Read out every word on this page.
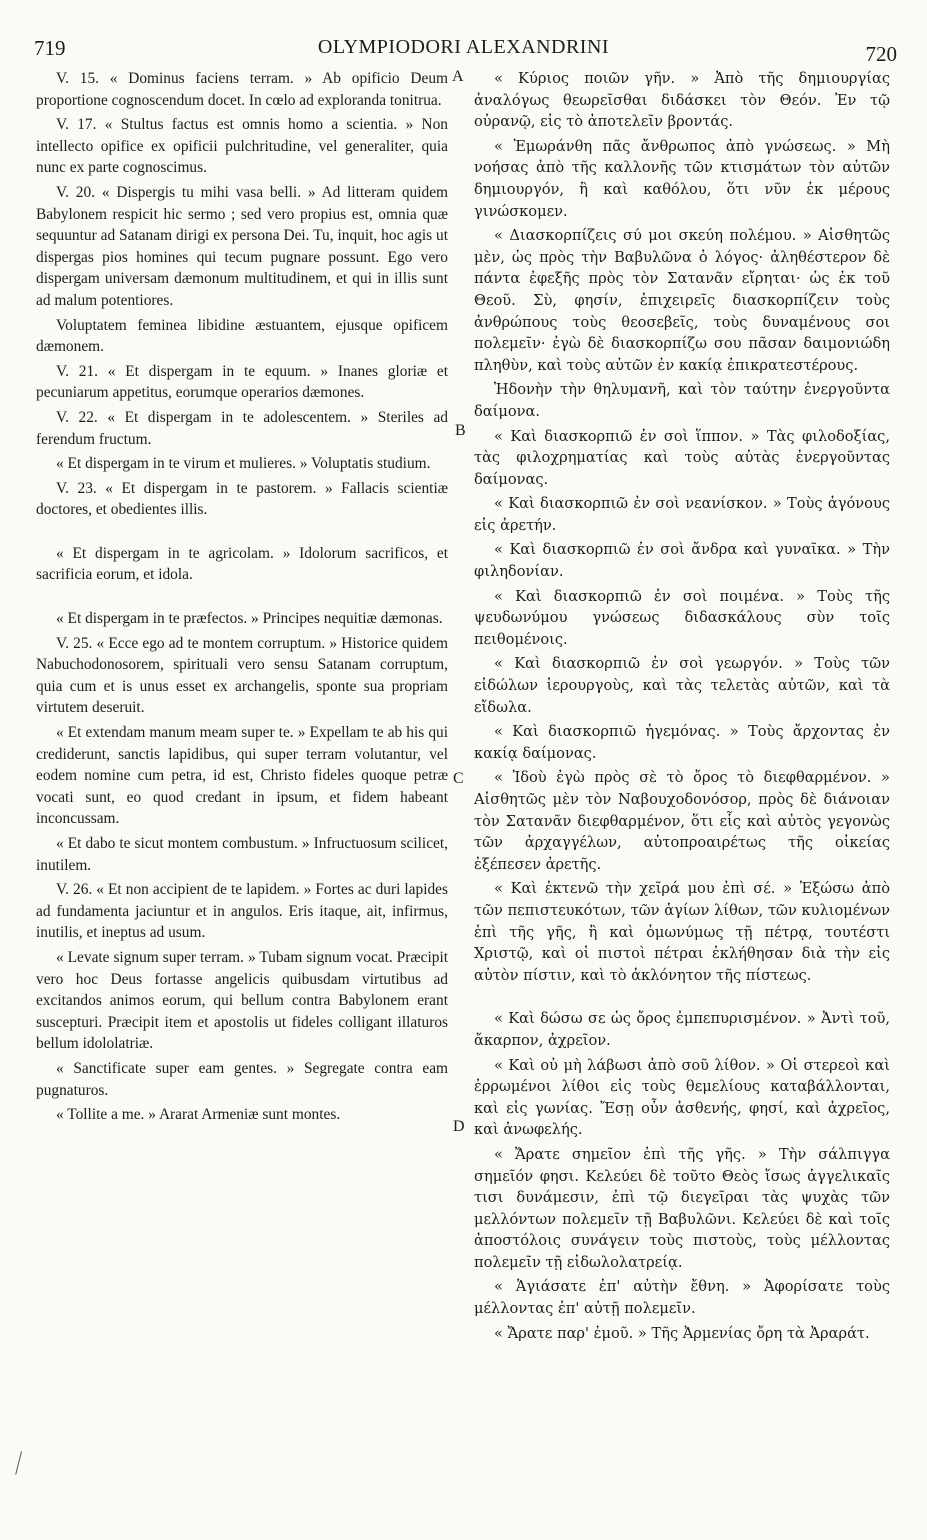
719	OLYMPIODORI ALEXANDRINI	720
A
B
C
D

V. 15. « Dominus faciens terram. » Ab opificio Deum proportione cognoscendum docet. In cœlo ad exploranda tonitrua.

V. 17. « Stultus factus est omnis homo a scientia. » Non intellecto opifice ex opificii pulchritudine, vel generaliter, quia nunc ex parte cognoscimus.

V. 20. « Dispergis tu mihi vasa belli. » Ad litteram quidem Babylonem respicit hic sermo ; sed vero propius est, omnia quæ sequuntur ad Satanam dirigi ex persona Dei. Tu, inquit, hoc agis ut dispergas pios homines qui tecum pugnare possunt. Ego vero dispergam universam dæmonum multitudinem, et qui in illis sunt ad malum potentiores.

Voluptatem femineа libidine æstuantem, ejusque opificem dæmonem.

V. 21. « Et dispergam in te equum. » Inanes gloriæ et pecuniarum appetitus, eorumque operarios dæmones.

V. 22. « Et dispergam in te adolescentem. » Steriles ad ferendum fructum.

« Et dispergam in te virum et mulieres. » Voluptatis studium.

V. 23. « Et dispergam in te pastorem. » Fallacis scientiæ doctores, et obedientes illis.

« Et dispergam in te agricolam. » Idolorum sacrificos, et sacrificia eorum, et idola.

« Et dispergam in te præfectos. » Principes nequitiæ dæmonas.

V. 25. « Ecce ego ad te montem corruptum. » Historice quidem Nabuchodonosorem, spirituali vero sensu Satanam corruptum, quia cum et is unus esset ex archangelis, sponte sua propriam virtutem deseruit.

« Et extendam manum meam super te. » Expellam te ab his qui crediderunt, sanctis lapidibus, qui super terram volutantur, vel eodem nomine cum petra, id est, Christo fideles quoque petræ vocati sunt, eo quod credant in ipsum, et fidem habeant inconcussam.

« Et dabo te sicut montem combustum. » Infructuosum scilicet, inutilem.

V. 26. « Et non accipient de te lapidem. » Fortes ac duri lapides ad fundamenta jaciuntur et in angulos. Eris itaque, ait, infirmus, inutilis, et ineptus ad usum.

« Levate signum super terram. » Tubam signum vocat. Præcipit vero hoc Deus fortasse angelicis quibusdam virtutibus ad excitandos animos eorum, qui bellum contra Babylonem erant suscepturi. Præcipit item et apostolis ut fideles colligant illaturos bellum idololatriæ.

« Sanctificate super eam gentes. » Segregate contra eam pugnaturos.

« Tollite a me. » Ararat Armeniæ sunt montes.

« Κύριος ποιῶν γῆν. » Ἀπὸ τῆς δημιουργίας ἀναλόγως θεωρεῖσθαι διδάσκει τὸν Θεόν. Ἐν τῷ οὐρανῷ, εἰς τὸ ἀποτελεῖν βροντάς.

« Ἐμωράνθη πᾶς ἄνθρωπος ἀπὸ γνώσεως. » Μὴ νοήσας ἀπὸ τῆς καλλονῆς τῶν κτισμάτων τὸν αὐτῶν δημιουργόν, ἢ καὶ καθόλου, ὅτι νῦν ἐκ μέρους γινώσκομεν.

« Διασκορπίζεις σύ μοι σκεύη πολέμου. » Αἰσθητῶς μὲν, ὡς πρὸς τὴν Βαβυλῶνα ὁ λόγος· ἀληθέστερον δὲ πάντα ἐφεξῆς πρὸς τὸν Σατανᾶν εἴρηται· ὡς ἐκ τοῦ Θεοῦ. Σὺ, φησίν, ἐπιχειρεῖς διασκορπίζειν τοὺς ἀνθρώπους τοὺς θεοσεβεῖς, τοὺς δυναμένους σοι πολεμεῖν· ἐγὼ δὲ διασκορπίζω σου πᾶσαν δαιμονιώδη πληθὺν, καὶ τοὺς αὐτῶν ἐν κακίᾳ ἐπικρατεστέρους.

Ἡδονὴν τὴν θηλυμανῆ, καὶ τὸν ταύτην ἐνεργοῦντα δαίμονα.

« Καὶ διασκορπιῶ ἐν σοὶ ἵππον. » Τὰς φιλοδοξίας, τὰς φιλοχρηματίας καὶ τοὺς αὐτὰς ἐνεργοῦντας δαίμονας.

« Καὶ διασκορπιῶ ἐν σοὶ νεανίσκον. » Τοὺς ἀγόνους εἰς ἀρετήν.

« Καὶ διασκορπιῶ ἐν σοὶ ἄνδρα καὶ γυναῖκα. » Τὴν φιληδονίαν.

« Καὶ διασκορπιῶ ἐν σοὶ ποιμένα. » Τοὺς τῆς ψευδωνύμου γνώσεως διδασκάλους σὺν τοῖς πειθομένοις.

« Καὶ διασκορπιῶ ἐν σοὶ γεωργόν. » Τοὺς τῶν εἰδώλων ἱερουργοὺς, καὶ τὰς τελετὰς αὐτῶν, καὶ τὰ εἴδωλα.

« Καὶ διασκορπιῶ ἡγεμόνας. » Τοὺς ἄρχοντας ἐν κακίᾳ δαίμονας.

« Ἰδοὺ ἐγὼ πρὸς σὲ τὸ ὄρος τὸ διεφθαρμένον. » Αἰσθητῶς μὲν τὸν Ναβουχοδονόσορ, πρὸς δὲ διάνοιαν τὸν Σατανᾶν διεφθαρμένον, ὅτι εἷς καὶ αὐτὸς γεγονὼς τῶν ἀρχαγγέλων, αὐτοπροαιρέτως τῆς οἰκείας ἐξέπεσεν ἀρετῆς.

« Καὶ ἐκτενῶ τὴν χεῖρά μου ἐπὶ σέ. » Ἐξώσω ἀπὸ τῶν πεπιστευκότων, τῶν ἁγίων λίθων, τῶν κυλιομένων ἐπὶ τῆς γῆς, ἢ καὶ ὁμωνύμως τῇ πέτρᾳ, τουτέστι Χριστῷ, καὶ οἱ πιστοὶ πέτραι ἐκλήθησαν διὰ τὴν εἰς αὐτὸν πίστιν, καὶ τὸ ἀκλόνητον τῆς πίστεως.

« Καὶ δώσω σε ὡς ὄρος ἐμπεπυρισμένον. » Ἀντὶ τοῦ, ἄκαρπον, ἀχρεῖον.

« Καὶ οὐ μὴ λάβωσι ἀπὸ σοῦ λίθον. » Οἱ στερεοὶ καὶ ἐρρωμένοι λίθοι εἰς τοὺς θεμελίους καταβάλλονται, καὶ εἰς γωνίας. Ἔσῃ οὖν ἀσθενής, φησί, καὶ ἀχρεῖος, καὶ ἀνωφελής.

« Ἄρατε σημεῖον ἐπὶ τῆς γῆς. » Τὴν σάλπιγγα σημεῖόν φησι. Κελεύει δὲ τοῦτο Θεὸς ἴσως ἀγγελικαῖς τισι δυνάμεσιν, ἐπὶ τῷ διεγεῖραι τὰς ψυχὰς τῶν μελλόντων πολεμεῖν τῇ Βαβυλῶνι. Κελεύει δὲ καὶ τοῖς ἀποστόλοις συνάγειν τοὺς πιστοὺς, τοὺς μέλλοντας πολεμεῖν τῇ εἰδωλολατρείᾳ.

« Ἁγιάσατε ἐπ' αὐτὴν ἔθνη. » Ἀφορίσατε τοὺς μέλλοντας ἐπ' αὐτῇ πολεμεῖν.

« Ἄρατε παρ' ἐμοῦ. » Τῆς Ἀρμενίας ὄρη τὰ Ἀραράτ.
